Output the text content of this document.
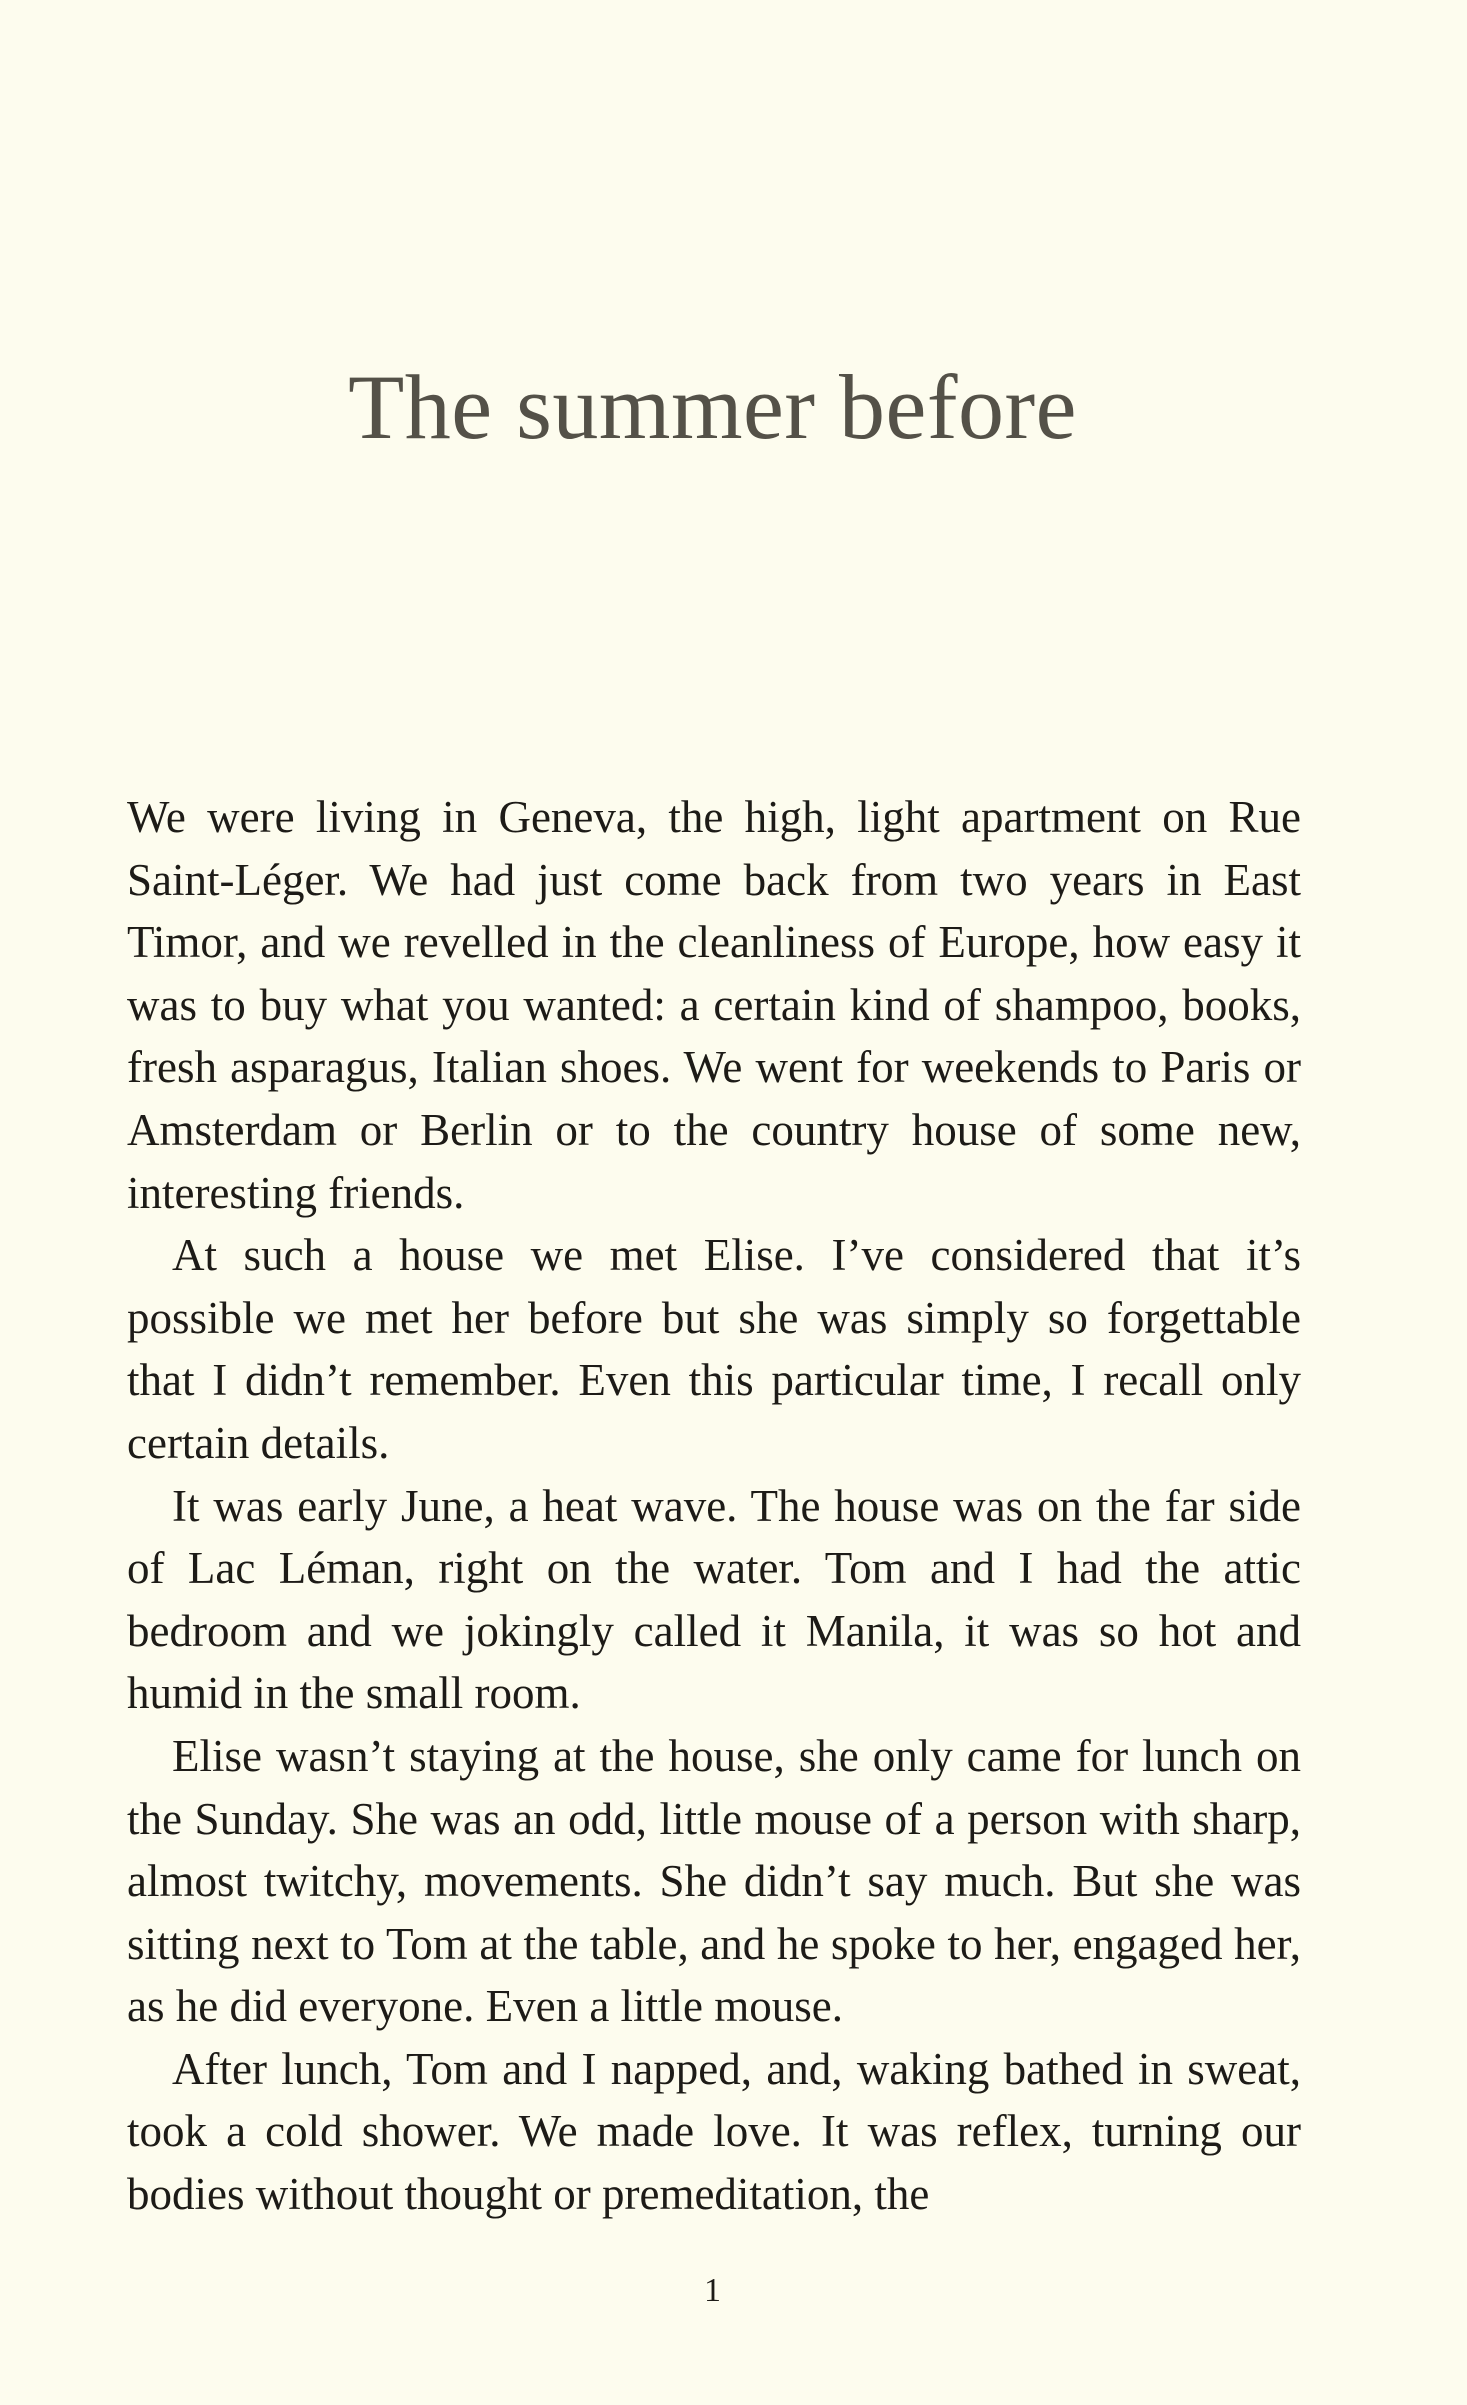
The summer before

We were living in Geneva, the high, light apartment on Rue Saint-Léger. We had just come back from two years in East Timor, and we revelled in the cleanliness of Europe, how easy it was to buy what you wanted: a certain kind of shampoo, books, fresh asparagus, Italian shoes. We went for weekends to Paris or Amsterdam or Berlin or to the country house of some new, interesting friends.

At such a house we met Elise. I’ve considered that it’s possible we met her before but she was simply so forgettable that I didn’t remember. Even this particular time, I recall only certain details.

It was early June, a heat wave. The house was on the far side of Lac Léman, right on the water. Tom and I had the attic bedroom and we jokingly called it Manila, it was so hot and humid in the small room.

Elise wasn’t staying at the house, she only came for lunch on the Sunday. She was an odd, little mouse of a person with sharp, almost twitchy, movements. She didn’t say much. But she was sitting next to Tom at the table, and he spoke to her, engaged her, as he did everyone. Even a little mouse.

After lunch, Tom and I napped, and, waking bathed in sweat, took a cold shower. We made love. It was reflex, turning our bodies without thought or premeditation, the

1
